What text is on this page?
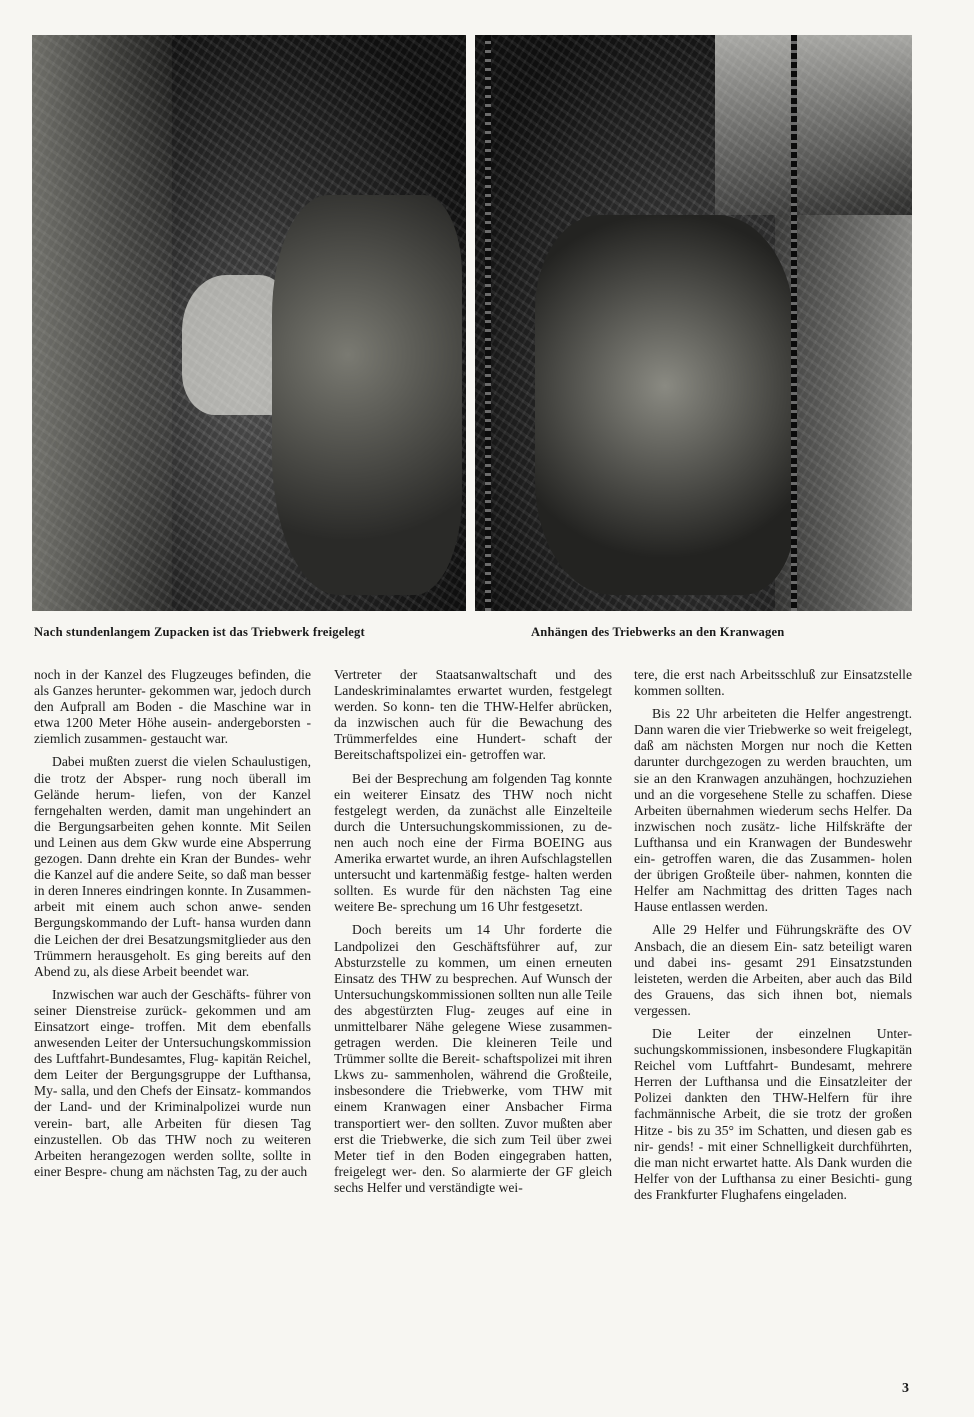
Nach stundenlangem Zupacken ist das Triebwerk freigelegt	Anhängen des Triebwerks an den Kranwagen

noch in der Kanzel des Flugzeuges befinden, die als Ganzes herunter- gekommen war, jedoch durch den Aufprall am Boden - die Maschine war in etwa 1200 Meter Höhe ausein- andergeborsten - ziemlich zusammen- gestaucht war.

Dabei mußten zuerst die vielen Schaulustigen, die trotz der Absper- rung noch überall im Gelände herum- liefen, von der Kanzel ferngehalten werden, damit man ungehindert an die Bergungsarbeiten gehen konnte. Mit Seilen und Leinen aus dem Gkw wurde eine Absperrung gezogen. Dann drehte ein Kran der Bundes- wehr die Kanzel auf die andere Seite, so daß man besser in deren Inneres eindringen konnte. In Zusammen- arbeit mit einem auch schon anwe- senden Bergungskommando der Luft- hansa wurden dann die Leichen der drei Besatzungsmitglieder aus den Trümmern herausgeholt. Es ging bereits auf den Abend zu, als diese Arbeit beendet war.

Inzwischen war auch der Geschäfts- führer von seiner Dienstreise zurück- gekommen und am Einsatzort einge- troffen. Mit dem ebenfalls anwesenden Leiter der Untersuchungskommission des Luftfahrt-Bundesamtes, Flug- kapitän Reichel, dem Leiter der Bergungsgruppe der Lufthansa, My- salla, und den Chefs der Einsatz- kommandos der Land- und der Kriminalpolizei wurde nun verein- bart, alle Arbeiten für diesen Tag einzustellen. Ob das THW noch zu weiteren Arbeiten herangezogen werden sollte, sollte in einer Bespre- chung am nächsten Tag, zu der auch

Vertreter der Staatsanwaltschaft und des Landeskriminalamtes erwartet wurden, festgelegt werden. So konn- ten die THW-Helfer abrücken, da inzwischen auch für die Bewachung des Trümmerfeldes eine Hundert- schaft der Bereitschaftspolizei ein- getroffen war.

Bei der Besprechung am folgenden Tag konnte ein weiterer Einsatz des THW noch nicht festgelegt werden, da zunächst alle Einzelteile durch die Untersuchungskommissionen, zu de- nen auch noch eine der Firma BOEING aus Amerika erwartet wurde, an ihren Aufschlagstellen untersucht und kartenmäßig festge- halten werden sollten. Es wurde für den nächsten Tag eine weitere Be- sprechung um 16 Uhr festgesetzt.

Doch bereits um 14 Uhr forderte die Landpolizei den Geschäftsführer auf, zur Absturzstelle zu kommen, um einen erneuten Einsatz des THW zu besprechen. Auf Wunsch der Untersuchungskommissionen sollten nun alle Teile des abgestürzten Flug- zeuges auf eine in unmittelbarer Nähe gelegene Wiese zusammen- getragen werden. Die kleineren Teile und Trümmer sollte die Bereit- schaftspolizei mit ihren Lkws zu- sammenholen, während die Großteile, insbesondere die Triebwerke, vom THW mit einem Kranwagen einer Ansbacher Firma transportiert wer- den sollten. Zuvor mußten aber erst die Triebwerke, die sich zum Teil über zwei Meter tief in den Boden eingegraben hatten, freigelegt wer- den. So alarmierte der GF gleich sechs Helfer und verständigte wei-

tere, die erst nach Arbeitsschluß zur Einsatzstelle kommen sollten.

Bis 22 Uhr arbeiteten die Helfer angestrengt. Dann waren die vier Triebwerke so weit freigelegt, daß am nächsten Morgen nur noch die Ketten darunter durchgezogen zu werden brauchten, um sie an den Kranwagen anzuhängen, hochzuziehen und an die vorgesehene Stelle zu schaffen. Diese Arbeiten übernahmen wiederum sechs Helfer. Da inzwischen noch zusätz- liche Hilfskräfte der Lufthansa und ein Kranwagen der Bundeswehr ein- getroffen waren, die das Zusammen- holen der übrigen Großteile über- nahmen, konnten die Helfer am Nachmittag des dritten Tages nach Hause entlassen werden.

Alle 29 Helfer und Führungskräfte des OV Ansbach, die an diesem Ein- satz beteiligt waren und dabei ins- gesamt 291 Einsatzstunden leisteten, werden die Arbeiten, aber auch das Bild des Grauens, das sich ihnen bot, niemals vergessen.

Die Leiter der einzelnen Unter- suchungskommissionen, insbesondere Flugkapitän Reichel vom Luftfahrt- Bundesamt, mehrere Herren der Lufthansa und die Einsatzleiter der Polizei dankten den THW-Helfern für ihre fachmännische Arbeit, die sie trotz der großen Hitze - bis zu 35° im Schatten, und diesen gab es nir- gends! - mit einer Schnelligkeit durchführten, die man nicht erwartet hatte. Als Dank wurden die Helfer von der Lufthansa zu einer Besichti- gung des Frankfurter Flughafens eingeladen.

3
